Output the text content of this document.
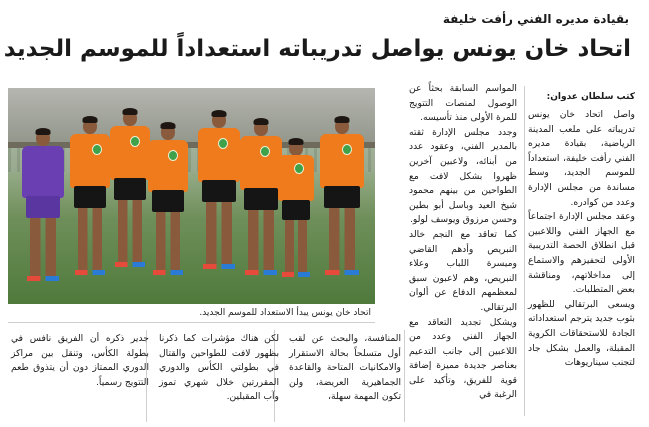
بقيادة مديره الفني رأفت خليفة
اتحاد خان يونس يواصل تدريباته استعداداً للموسم الجديد
كتب سلطان عدوان:

واصل اتحاد خان يونس تدريباته على ملعب المدينة الرياضية، بقيادة مديره الفني رأفت خليفة، استعداداً للموسم الجديد، وسط مساندة من مجلس الإدارة وعدد من كوادره.

وعقد مجلس الإدارة اجتماعاً مع الجهاز الفني واللاعبين قبل انطلاق الحصة التدريبية الأولى لتحفيزهم والاستماع إلى مداخلاتهم، ومناقشة بعض المتطلبات.

ويسعى البرتقالي للظهور بثوب جديد يترجم استعداداته الجادة للاستحقاقات الكروية المقبلة، والعمل بشكل جاد لتجنب سيناريوهات

المواسم السابقة بحثاً عن الوصول لمنصات التتويج للمرة الأولى منذ تأسيسه.

وجدد مجلس الإدارة ثقته بالمدير الفني، وعقود عدد من أبنائه، ولاعبين آخرين ظهروا بشكل لافت مع الطواحين من بينهم محمود شيخ العيد وباسل أبو بطين وحسن مرزوق ويوسف لولو.

كما تعاقد مع النجم خالد النبريص وأدهم القاضي وميسرة اللباب وعلاء النبريص، وهم لاعبون سبق لمعظمهم الدفاع عن ألوان البرتقالي.

ويشكل تجديد التعاقد مع الجهاز الفني وعدد من اللاعبين إلى جانب التدعيم بعناصر جديدة مميزة إضافة قوية للفريق، وتأكيد على الرغبة في

اتحاد خان يونس يبدأ الاستعداد للموسم الجديد.
المنافسة، والبحث عن لقب أول متسلحاً بحالة الاستقرار والامكانيات المتاحة والقاعدة الجماهيرية العريضة، ولن تكون المهمة سهلة،
لكن هناك مؤشرات كما ذكرنا بظهور لافت للطواحين والقتال في بطولتي الكأس والدوري المقررتين خلال شهري تموز وآب المقبلين.
جدير ذكره أن الفريق نافس في بطولة الكأس، وتنقل بين مراكز الدوري الممتاز دون أن يتذوق طعم التتويج رسمياً.
